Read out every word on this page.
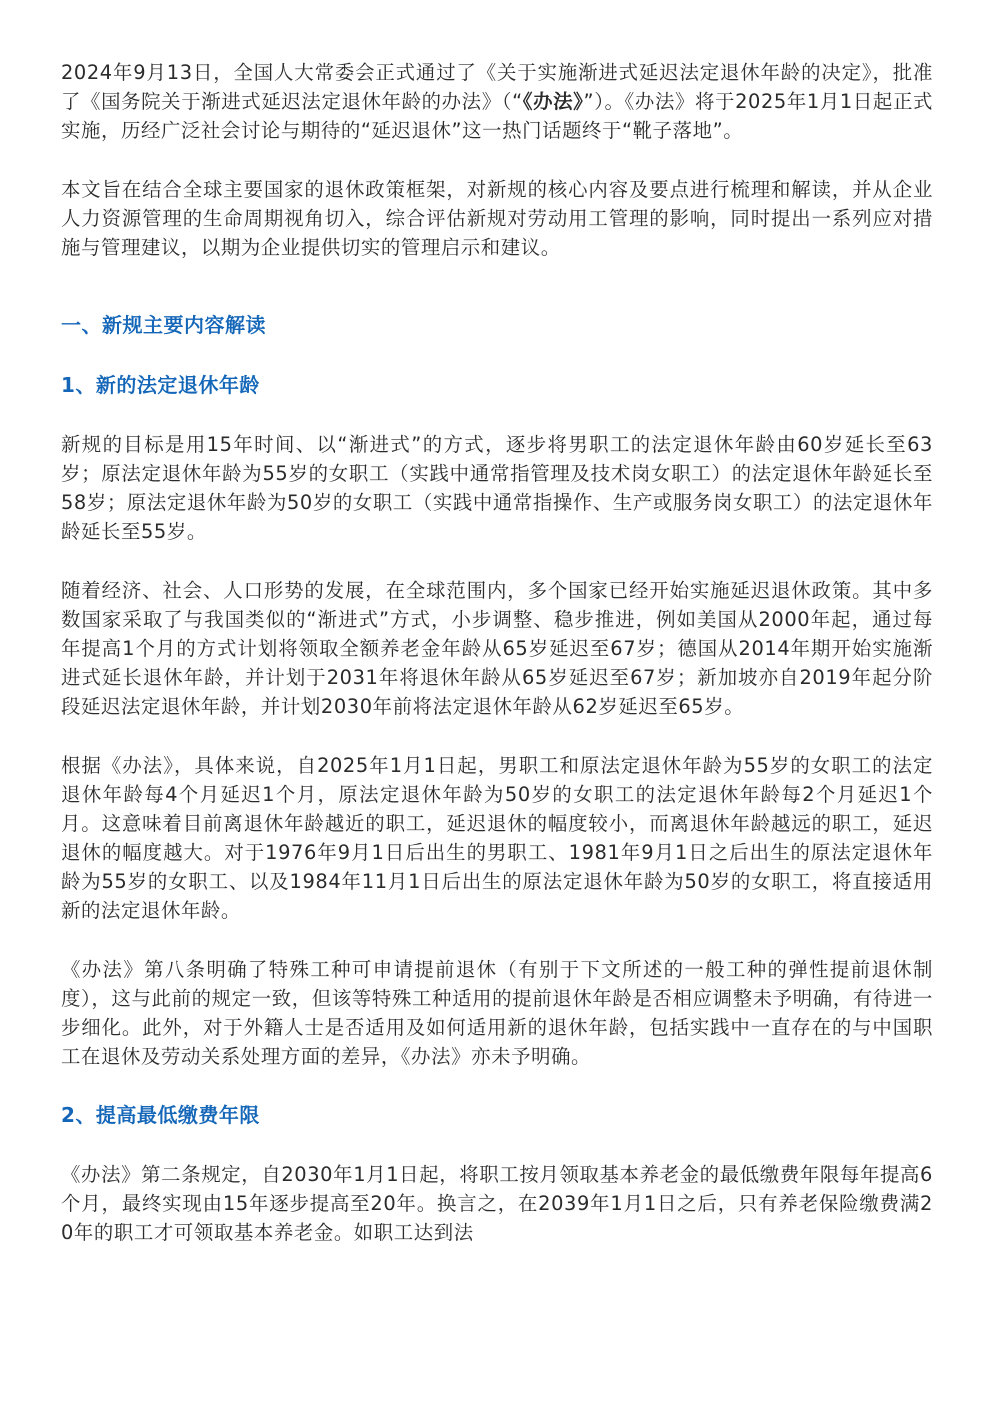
2024年9月13日，全国人大常委会正式通过了《关于实施渐进式延迟法定退休年龄的决定》，批准了《国务院关于渐进式延迟法定退休年龄的办法》（“《办法》”）。《办法》将于2025年1月1日起正式实施，历经广泛社会讨论与期待的“延迟退休”这一热门话题终于“靴子落地”。

本文旨在结合全球主要国家的退休政策框架，对新规的核心内容及要点进行梳理和解读，并从企业人力资源管理的生命周期视角切入，综合评估新规对劳动用工管理的影响，同时提出一系列应对措施与管理建议，以期为企业提供切实的管理启示和建议。

一、新规主要内容解读
1、新的法定退休年龄

新规的目标是用15年时间、以“渐进式”的方式，逐步将男职工的法定退休年龄由60岁延长至63岁；原法定退休年龄为55岁的女职工（实践中通常指管理及技术岗女职工）的法定退休年龄延长至58岁；原法定退休年龄为50岁的女职工（实践中通常指操作、生产或服务岗女职工）的法定退休年龄延长至55岁。

随着经济、社会、人口形势的发展，在全球范围内，多个国家已经开始实施延迟退休政策。其中多数国家采取了与我国类似的“渐进式”方式，小步调整、稳步推进，例如美国从2000年起，通过每年提高1个月的方式计划将领取全额养老金年龄从65岁延迟至67岁；德国从2014年期开始实施渐进式延长退休年龄，并计划于2031年将退休年龄从65岁延迟至67岁；新加坡亦自2019年起分阶段延迟法定退休年龄，并计划2030年前将法定退休年龄从62岁延迟至65岁。

根据《办法》，具体来说，自2025年1月1日起，男职工和原法定退休年龄为55岁的女职工的法定退休年龄每4个月延迟1个月，原法定退休年龄为50岁的女职工的法定退休年龄每2个月延迟1个月。这意味着目前离退休年龄越近的职工，延迟退休的幅度较小，而离退休年龄越远的职工，延迟退休的幅度越大。对于1976年9月1日后出生的男职工、1981年9月1日之后出生的原法定退休年龄为55岁的女职工、以及1984年11月1日后出生的原法定退休年龄为50岁的女职工，将直接适用新的法定退休年龄。

《办法》第八条明确了特殊工种可申请提前退休（有别于下文所述的一般工种的弹性提前退休制度），这与此前的规定一致，但该等特殊工种适用的提前退休年龄是否相应调整未予明确，有待进一步细化。此外，对于外籍人士是否适用及如何适用新的退休年龄，包括实践中一直存在的与中国职工在退休及劳动关系处理方面的差异，《办法》亦未予明确。

2、提高最低缴费年限

《办法》第二条规定，自2030年1月1日起，将职工按月领取基本养老金的最低缴费年限每年提高6个月，最终实现由15年逐步提高至20年。换言之，在2039年1月1日之后，只有养老保险缴费满20年的职工才可领取基本养老金。如职工达到法
